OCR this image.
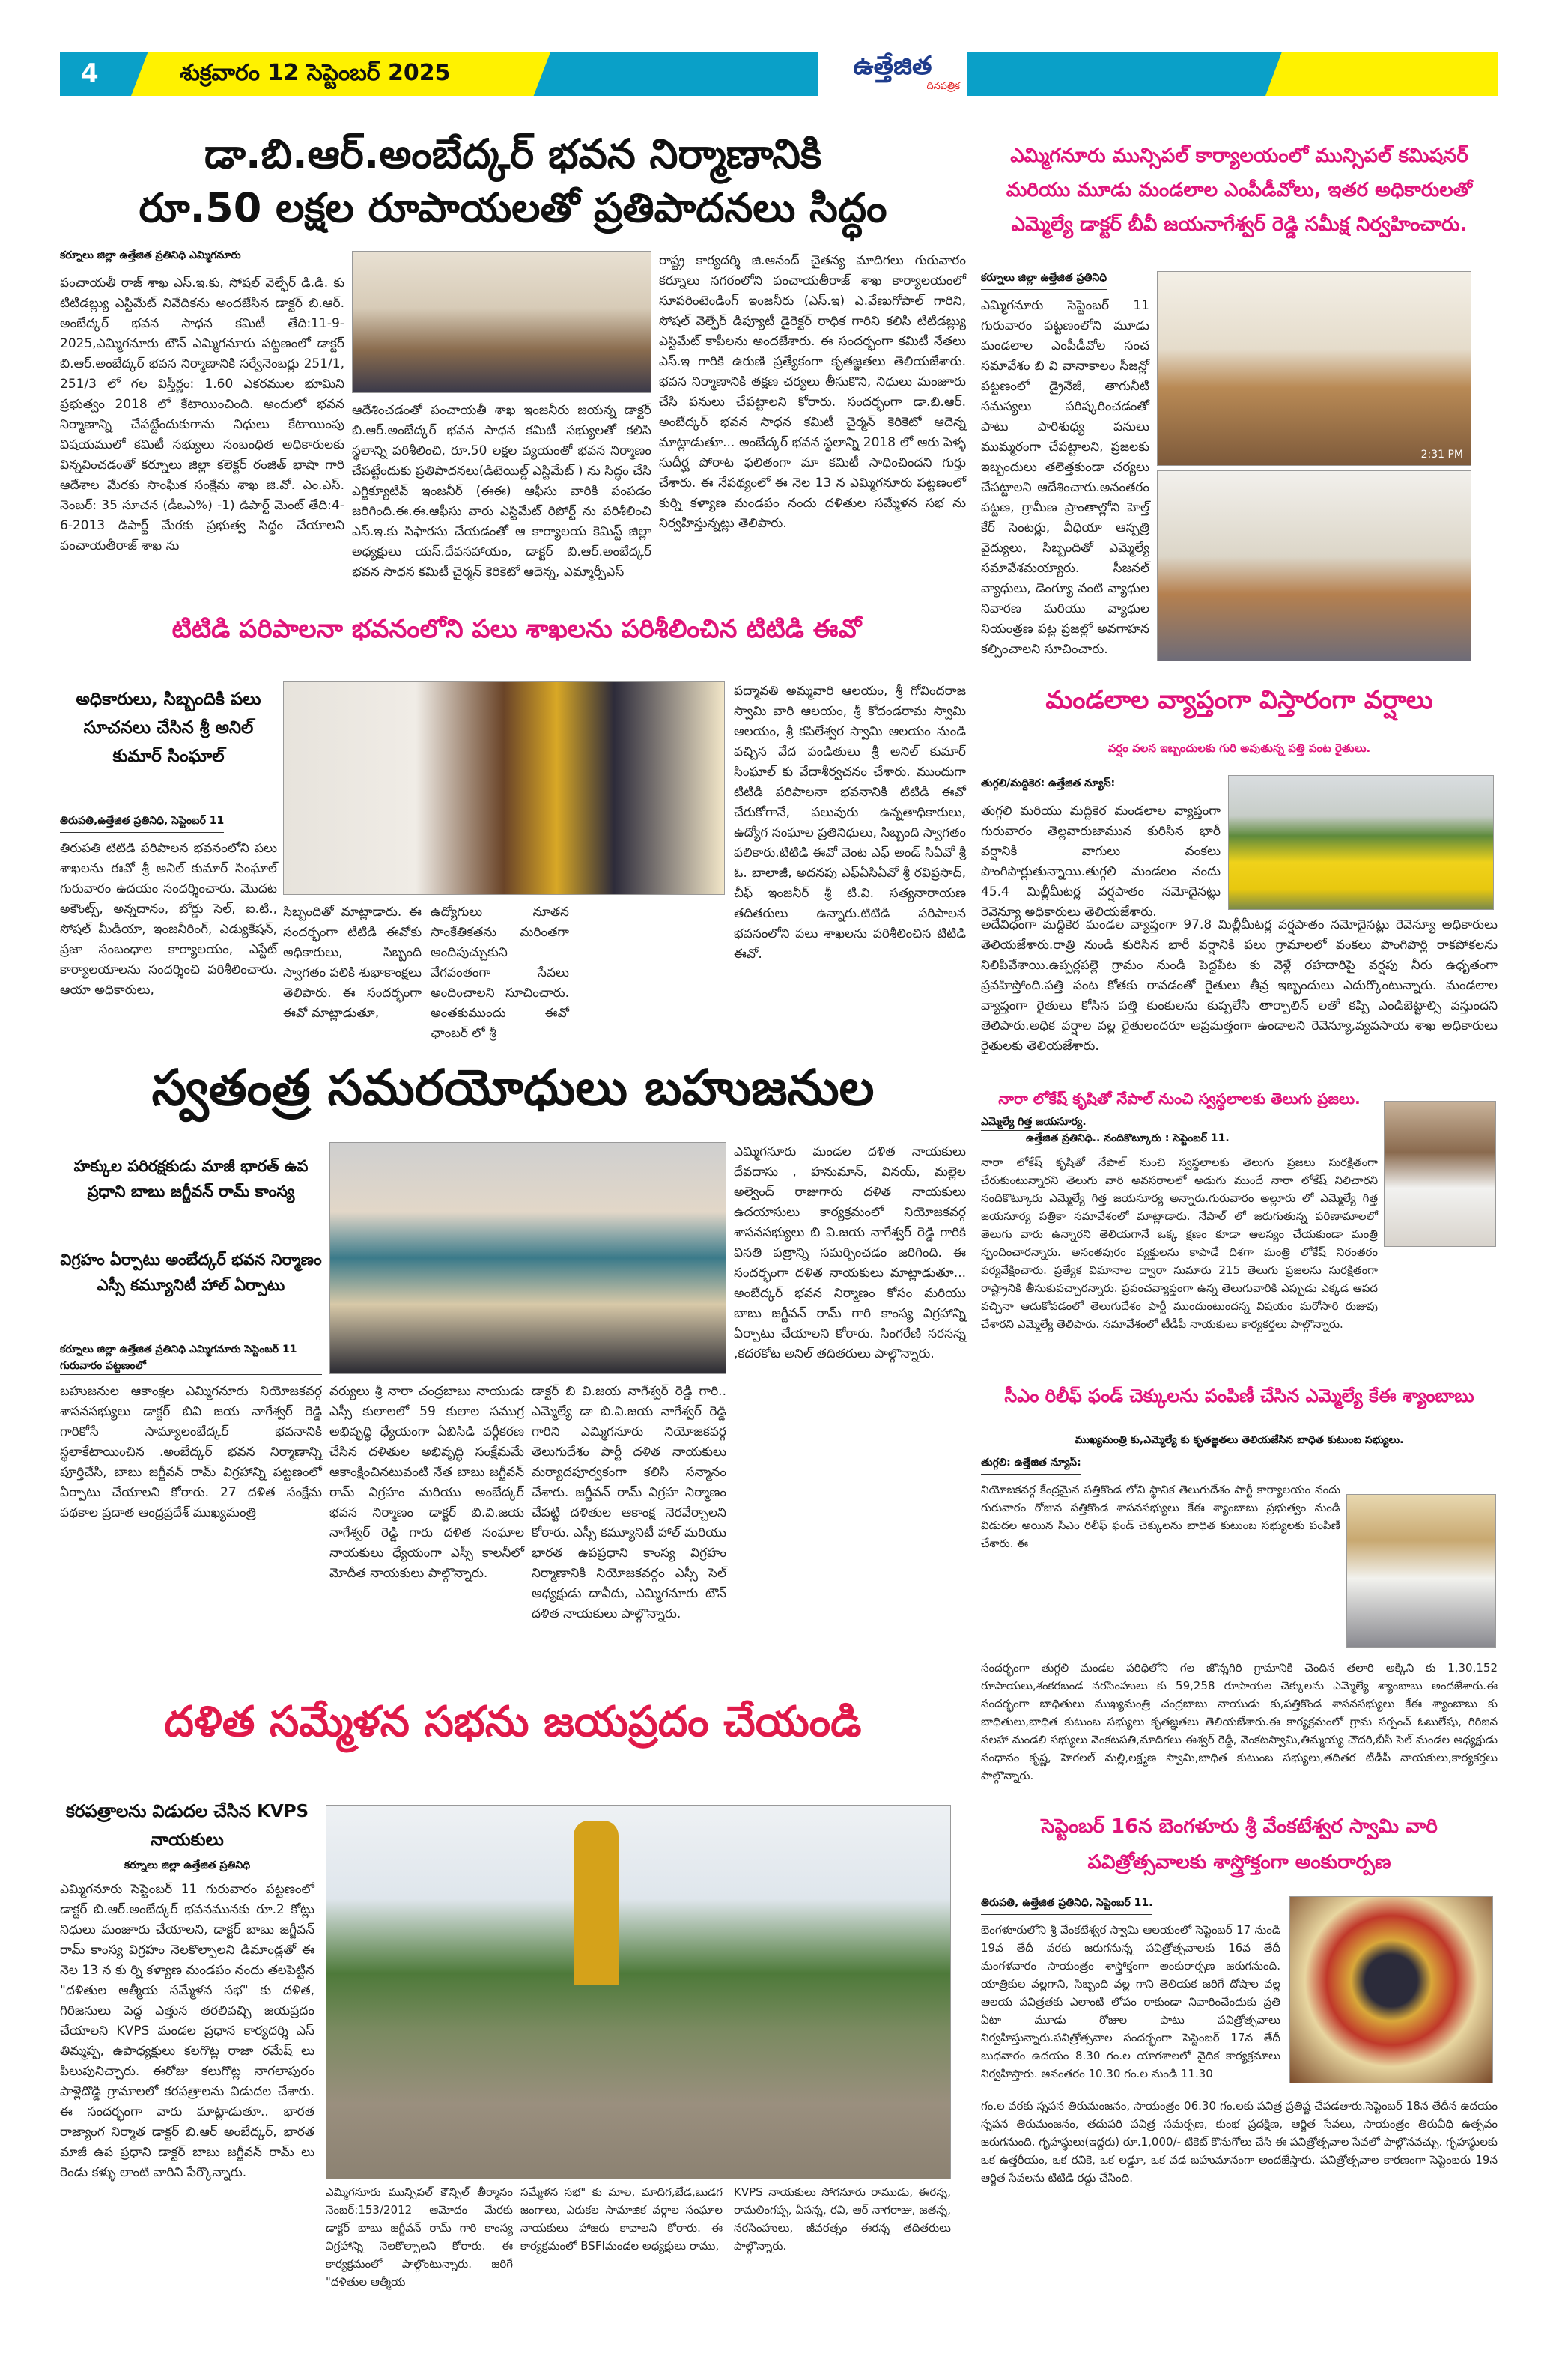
4	శుక్రవారం 12 సెప్టెంబర్ 2025	ఉత్తేజిత
దినపత్రిక
డా.బి.ఆర్.అంబేద్కర్ భవన నిర్మాణానికి
రూ.50 లక్షల రూపాయలతో ప్రతిపాదనలు సిద్ధం
కర్నూలు జిల్లా ఉత్తేజిత ప్రతినిధి ఎమ్మిగనూరు
పంచాయతీ రాజ్ శాఖ ఎస్.ఇ.కు, సోషల్ వెల్ఫేర్ డి.డి. కు టిటిడబ్ల్యు ఎస్టిమేట్ నివేదికను అందజేసిన డాక్టర్ బి.ఆర్. అంబేద్కర్ భవన సాధన కమిటీ తేది:11-9-2025,ఎమ్మిగనూరు టౌన్ ఎమ్మిగనూరు పట్టణంలో డాక్టర్ బి.ఆర్.అంబేద్కర్ భవన నిర్మాణానికి సర్వేనెంబర్లు 251/1, 251/3 లో గల విస్తీర్ణం: 1.60 ఎకరముల భూమిని ప్రభుత్వం 2018 లో కేటాయించింది. అందులో భవన నిర్మాణాన్ని చేపట్టేందుకుగాను నిధులు కేటాయింపు విషయములో కమిటీ సభ్యులు సంబంధిత అధికారులకు విన్నవించడంతో కర్నూలు జిల్లా కలెక్టర్ రంజిత్ భాషా గారి ఆదేశాల మేరకు సాంఘిక సంక్షేమ శాఖ జి.వో. ఎం.ఎస్. నెంబర్: 35 సూచన (డీఒఎ%) -1) డిపార్ట్ మెంట్ తేది:4-6-2013 డిపార్ట్ మేరకు ప్రభుత్వ సిద్ధం చేయాలని పంచాయతీరాజ్ శాఖ ను
ఆదేశించడంతో పంచాయతీ శాఖ ఇంజనీరు జయన్న డాక్టర్ బి.ఆర్.అంబేద్కర్ భవన సాధన కమిటీ సభ్యులతో కలిసి స్థలాన్ని పరిశీలించి, రూ.50 లక్షల వ్యయంతో భవన నిర్మాణం చేపట్టేందుకు ప్రతిపాదనలు(డిటెయిల్డ్ ఎస్టిమేట్ ) ను సిద్ధం చేసి ఎగ్జిక్యూటివ్ ఇంజనీర్ (ఈఈ) ఆఫీసు వారికి పంపడం జరిగింది.ఈ.ఈ.ఆఫీసు వారు ఎస్టిమేట్ రిపోర్ట్ ను పరిశీలించి ఎస్.ఇ.కు సిఫారసు చేయడంతో ఆ కార్యాలయ కెమిస్ట్ జిల్లా అధ్యక్షులు యస్.దేవసహాయం, డాక్టర్ బి.ఆర్.అంబేద్కర్ భవన సాధన కమిటీ చైర్మన్ కెరికెటో ఆదెన్న, ఎమ్మార్పీఎస్
రాష్ట్ర కార్యదర్శి జి.ఆనంద్ చైతన్య మాదిగలు గురువారం కర్నూలు నగరంలోని పంచాయతీరాజ్ శాఖ కార్యాలయంలో సూపరింటెండింగ్ ఇంజనీరు (ఎస్.ఇ) ఎ.వేణుగోపాల్ గారిని, సోషల్ వెల్ఫేర్ డిప్యూటీ డైరెక్టర్ రాధిక గారిని కలిసి టిటిడబ్ల్యు ఎస్టిమేట్ కాపీలను అందజేశారు. ఈ సందర్భంగా కమిటీ నేతలు ఎస్.ఇ గారికి ఉరుణి ప్రత్యేకంగా కృతజ్ఞతలు తెలియజేశారు. భవన నిర్మాణానికి తక్షణ చర్యలు తీసుకొని, నిధులు మంజూరు చేసి పనులు చేపట్టాలని కోరారు. సందర్భంగా డా.బి.ఆర్. అంబేద్కర్ భవన సాధన కమిటీ చైర్మన్ కెరికెటో ఆదెన్న మాట్లాడుతూ... అంబేద్కర్ భవన స్థలాన్ని 2018 లో ఆరు పెళ్ళ సుదీర్ఘ పోరాట ఫలితంగా మా కమిటీ సాధించిందని గుర్తు చేశారు. ఈ నేపథ్యంలో ఈ నెల 13 న ఎమ్మిగనూరు పట్టణంలో కుర్ని కళ్యాణ మండపం నందు దళితుల సమ్మేళన సభ ను నిర్వహిస్తున్నట్లు తెలిపారు.
ఎమ్మిగనూరు మున్సిపల్ కార్యాలయంలో మున్సిపల్ కమిషనర్ మరియు మూడు మండలాల ఎంపీడీవోలు, ఇతర అధికారులతో ఎమ్మెల్యే డాక్టర్ బీవీ జయనాగేశ్వర్ రెడ్డి సమీక్ష నిర్వహించారు.
కర్నూలు జిల్లా ఉత్తేజిత ప్రతినిధి
ఎమ్మిగనూరు సెప్టెంబర్ 11 గురువారం పట్టణంలోని మూడు మండలాల ఎంపీడీవోల సంచ సమావేశం బి వి వానాకాలం సీజన్లో పట్టణంలో డ్రైనేజీ, తాగునీటి సమస్యలు పరిష్కరించడంతో పాటు పారిశుధ్య పనులు ముమ్మరంగా చేపట్టాలని, ప్రజలకు ఇబ్బందులు తలెత్తకుండా చర్యలు చేపట్టాలని ఆదేశించారు.అనంతరం పట్టణ, గ్రామీణ ప్రాంతాల్లోని హెల్త్ కేర్ సెంటర్లు, వీధియా ఆస్పత్రి వైద్యులు, సిబ్బందితో ఎమ్మెల్యే సమావేశమయ్యారు. సీజనల్ వ్యాధులు, డెంగ్యూ వంటి వ్యాధుల నివారణ మరియు వ్యాధుల నియంత్రణ పట్ల ప్రజల్లో అవగాహన కల్పించాలని సూచించారు.
2:31 PM
టిటిడి పరిపాలనా భవనంలోని పలు శాఖలను పరిశీలించిన టిటిడి ఈవో
అధికారులు, సిబ్బందికి పలు సూచనలు చేసిన శ్రీ అనిల్ కుమార్ సింఘాల్
తిరుపతి,ఉత్తేజిత ప్రతినిధి, సెప్టెంబర్ 11
తిరుపతి టిటిడి పరిపాలన భవనంలోని పలు శాఖలను ఈవో శ్రీ అనిల్ కుమార్ సింఘాల్ గురువారం ఉదయం సందర్శించారు. మొదట అకౌంట్స్, అన్నదానం, బోర్డు సెల్, ఐ.టి., సోషల్ మీడియా, ఇంజనీరింగ్, ఎడ్యుకేషన్, ప్రజా సంబంధాల కార్యాలయం, ఎస్టేట్ కార్యాలయాలను సందర్శించి పరిశీలించారు. ఆయా అధికారులు,
సిబ్బందితో మాట్లాడారు. ఈ సందర్భంగా టిటిడి ఈవోకు అధికారులు, సిబ్బంది స్వాగతం పలికి శుభాకాంక్షలు తెలిపారు. ఈ సందర్భంగా ఈవో మాట్లాడుతూ,
ఉద్యోగులు నూతన సాంకేతికతను మరింతగా అందిపుచ్చుకుని వేగవంతంగా సేవలు అందించాలని సూచించారు. అంతకుముందు ఈవో ఛాంబర్ లో శ్రీ
పద్మావతి అమ్మవారి ఆలయం, శ్రీ గోవిందరాజ స్వామి వారి ఆలయం, శ్రీ కోదండరామ స్వామి ఆలయం, శ్రీ కపిలేశ్వర స్వామి ఆలయం నుండి వచ్చిన వేద పండితులు శ్రీ అనిల్ కుమార్ సింఘాల్ కు వేదాశీర్వచనం చేశారు. ముందుగా టిటిడి పరిపాలనా భవనానికి టిటిడి ఈవో చేరుకోగానే, పలువురు ఉన్నతాధికారులు, ఉద్యోగ సంఘాల ప్రతినిధులు, సిబ్బంది స్వాగతం పలికారు.టిటిడి ఈవో వెంట ఎఫ్ అండ్ సిఏవో శ్రీ ఓ. బాలాజీ, అదనపు ఎఫ్ఏసిఏవో శ్రీ రవిప్రసాద్, చీఫ్ ఇంజనీర్ శ్రీ టి.వి. సత్యనారాయణ తదితరులు ఉన్నారు.టిటిడి పరిపాలన భవనంలోని పలు శాఖలను పరిశీలించిన టిటిడి ఈవో.
మండలాల వ్యాప్తంగా విస్తారంగా వర్షాలు
వర్షం వలన ఇబ్బందులకు గురి అవుతున్న పత్తి పంట రైతులు.
తుగ్గలి/మద్దికెర: ఉత్తేజిత న్యూస్:
తుగ్గలి మరియు మద్దికెర మండలాల వ్యాప్తంగా గురువారం తెల్లవారుజామున కురిసిన భారీ వర్షానికి వాగులు వంకలు పొంగిపొర్లుతున్నాయి.తుగ్గలి మండలం నందు 45.4 మిల్లీమీటర్ల వర్షపాతం నమోదైనట్లు రెవెన్యూ అధికారులు తెలియజేశారు.
అదేవిధంగా మద్దికెర మండల వ్యాప్తంగా 97.8 మిల్లీమీటర్ల వర్షపాతం నమోదైనట్లు రెవెన్యూ అధికారులు తెలియజేశారు.రాత్రి నుండి కురిసిన భారీ వర్షానికి పలు గ్రామాలలో వంకలు పొంగిపొర్లి రాకపోకలను నిలిపివేశాయి.ఉప్పర్లపల్లె గ్రామం నుండి పెద్దపేట కు వెళ్లే రహదారిపై వర్షపు నీరు ఉధృతంగా ప్రవహిస్తోంది.పత్తి పంట కోతకు రావడంతో రైతులు తీవ్ర ఇబ్బందులు ఎదుర్కొంటున్నారు. మండలాల వ్యాప్తంగా రైతులు కోసిన పత్తి కుంకులను కుప్పలేసి తార్పాలిన్ లతో కప్పి ఎండిబెట్టాల్సి వస్తుందని తెలిపారు.అధిక వర్షాల వల్ల రైతులందరూ అప్రమత్తంగా ఉండాలని రెవెన్యూ,వ్యవసాయ శాఖ అధికారులు రైతులకు తెలియజేశారు.
స్వతంత్ర సమరయోధులు బహుజనుల
హక్కుల పరిరక్షకుడు మాజీ భారత్ ఉప ప్రధాని బాబు జగ్జీవన్ రామ్ కాంస్య
విగ్రహం ఏర్పాటు అంబేద్కర్ భవన నిర్మాణం ఎస్సీ కమ్యూనిటీ హాల్ ఏర్పాటు
కర్నూలు జిల్లా ఉత్తేజిత ప్రతినిధి ఎమ్మిగనూరు సెప్టెంబర్ 11 గురువారం పట్టణంలో
బహుజనుల ఆకాంక్షల ఎమ్మిగనూరు నియోజకవర్గ శాసనసభ్యులు డాక్టర్ బివి జయ నాగేశ్వర్ రెడ్డి గారికోసే సామ్యాలంబేద్కర్ భవనానికి స్థలాకేటాయించిన .అంబేద్కర్ భవన నిర్మాణాన్ని పూర్తిచేసి, బాబు జగ్జీవన్ రామ్ విగ్రహాన్ని పట్టణంలో ఏర్పాటు చేయాలని కోరారు. 27 దళిత సంక్షేమ పథకాల ప్రదాత ఆంధ్రప్రదేశ్ ముఖ్యమంత్రి
వర్యులు శ్రీ నారా చంద్రబాబు నాయుడు ఎస్సీ కులాలలో 59 కులాల సముగ్ర అభివృద్ధి ధ్యేయంగా ఏబిసిడి వర్గీకరణ చేసిన దళితుల అభివృద్ధి సంక్షేమమే ఆకాంక్షించినటువంటి నేత బాబు జగ్జీవన్ రామ్ విగ్రహం మరియు అంబేద్కర్ భవన నిర్మాణం డాక్టర్ బి.వి.జయ నాగేశ్వర్ రెడ్డి గారు దళిత సంఘాల నాయకులు ధ్యేయంగా ఎస్సీ కాలనీలో మోదీత నాయకులు పాల్గొన్నారు.
డాక్టర్ బి వి.జయ నాగేశ్వర్ రెడ్డి గారి.. ఎమ్మెల్యే డా బి.వి.జయ నాగేశ్వర్ రెడ్డి గారిని ఎమ్మిగనూరు నియోజకవర్గ తెలుగుదేశం పార్టీ దళిత నాయకులు మర్యాదపూర్వకంగా కలిసి సన్మానం చేశారు. జగ్జీవన్ రామ్ విగ్రహ నిర్మాణం చేపట్టి దళితుల ఆకాంక్ష నెరవేర్చాలని కోరారు. ఎస్సీ కమ్యూనిటీ హాల్ మరియు భారత ఉపప్రధాని కాంస్య విగ్రహం నిర్మాణానికి నియోజకవర్గం ఎస్సీ సెల్ అధ్యక్షుడు దావీదు, ఎమ్మిగనూరు టౌన్ దళిత నాయకులు పాల్గొన్నారు.
ఎమ్మిగనూరు మండల దళిత నాయకులు దేవదాసు , హనుమాన్, వినయ్, మల్లెల అల్వెంద్ రాజుగారు దళిత నాయకులు ఉదయాసులు కార్యక్రమంలో నియోజకవర్గ శాసనసభ్యులు బి వి.జయ నాగేశ్వర్ రెడ్డి గారికి వినతి పత్రాన్ని సమర్పించడం జరిగింది. ఈ సందర్భంగా దళిత నాయకులు మాట్లాడుతూ... అంబేద్కర్ భవన నిర్మాణం కోసం మరియు బాబు జగ్జీవన్ రామ్ గారి కాంస్య విగ్రహాన్ని ఏర్పాటు చేయాలని కోరారు. సింగరేణి నరసన్న ,కదరకోట అనిల్ తదితరులు పాల్గొన్నారు.
నారా లోకేష్ కృషితో నేపాల్ నుంచి స్వస్థలాలకు తెలుగు ప్రజలు.
ఎమ్మెల్యే గిత్త జయసూర్య.
ఉత్తేజిత ప్రతినిధి.. నందికొట్కూరు : సెప్టెంబర్ 11.
నారా లోకేష్ కృషితో నేపాల్ నుంచి స్వస్థలాలకు తెలుగు ప్రజలు సురక్షితంగా చేరుకుంటున్నారని తెలుగు వారి అవసరాలలో అడుగు ముందే నారా లోకేష్ నిలిచారని నందికొట్కూరు ఎమ్మెల్యే గిత్త జయసూర్య అన్నారు.గురువారం అల్లూరు లో ఎమ్మెల్యే గిత్త జయసూర్య పత్రికా సమావేశంలో మాట్లాడారు. నేపాల్ లో జరుగుతున్న పరిణామాలలో తెలుగు వారు ఉన్నారని తెలియగానే ఒక్క క్షణం కూడా ఆలస్యం చేయకుండా మంత్రి స్పందించారన్నారు. అనంతపురం వ్యక్తులను కాపాడే దిశగా మంత్రి లోకేష్ నిరంతరం పర్యవేక్షించారు. ప్రత్యేక విమానాల ద్వారా సుమారు 215 తెలుగు ప్రజలను సురక్షితంగా రాష్ట్రానికి తీసుకువచ్చారన్నారు. ప్రపంచవ్యాప్తంగా ఉన్న తెలుగువారికి ఎప్పుడు ఎక్కడ ఆపద వచ్చినా ఆదుకోవడంలో తెలుగుదేశం పార్టీ ముందుంటుందన్న విషయం మరోసారి రుజువు చేశారని ఎమ్మెల్యే తెలిపారు. సమావేశంలో టీడీపీ నాయకులు కార్యకర్తలు పాల్గొన్నారు.
సీఎం రిలీఫ్ ఫండ్ చెక్కులను పంపిణీ చేసిన ఎమ్మెల్యే కేఈ శ్యాంబాబు
ముఖ్యమంత్రి కు,ఎమ్మెల్యే కు కృతజ్ఞతలు తెలియజేసిన బాధిత కుటుంబ సభ్యులు.
తుగ్గలి: ఉత్తేజిత న్యూస్:
నియోజకవర్గ కేంద్రమైన పత్తికొండ లోని స్థానిక తెలుగుదేశం పార్టీ కార్యాలయం నందు గురువారం రోజున పత్తికొండ శాసనసభ్యులు కేఈ శ్యాంబాబు ప్రభుత్వం నుండి విడుదల అయిన సీఎం రిలీఫ్ ఫండ్ చెక్కులను బాధిత కుటుంబ సభ్యులకు పంపిణీ చేశారు. ఈ
సందర్భంగా తుగ్గలి మండల పరిధిలోని గల జొన్నగిరి గ్రామానికి చెందిన తలారి అక్కిని కు 1,30,152 రూపాయలు,శంకరబండ నరసింహులు కు 59,258 రూపాయల చెక్కులను ఎమ్మెల్యే శ్యాంబాబు అందజేశారు.ఈ సందర్భంగా బాధితులు ముఖ్యమంత్రి చంద్రబాబు నాయుడు కు,పత్తికొండ శాసనసభ్యులు కేఈ శ్యాంబాబు కు బాధితులు,బాధిత కుటుంబ సభ్యులు కృతజ్ఞతలు తెలియజేశారు.ఈ కార్యక్రమంలో గ్రామ సర్పంచ్ ఓబులేషు, గిరిజన సలహా మండలి సభ్యులు వెంకటపతి,మాదిగలు ఈశ్వర్ రెడ్డి, వెంకటస్వామి,తిమ్మయ్య చౌదరి,బీసీ సెల్ మండల అధ్యక్షుడు సంధానం కృష్ణ, హెగలల్ మల్లి,లక్ష్మణ స్వామి,బాధిత కుటుంబ సభ్యులు,తదితర టీడీపీ నాయకులు,కార్యకర్తలు పాల్గొన్నారు.
దళిత సమ్మేళన సభను జయప్రదం చేయండి
కరపత్రాలను విడుదల చేసిన KVPS నాయకులు
కర్నూలు జిల్లా ఉత్తేజిత ప్రతినిధి
ఎమ్మిగనూరు సెప్టెంబర్ 11 గురువారం పట్టణంలో డాక్టర్ బి.ఆర్.అంబేద్కర్ భవనమునకు రూ.2 కోట్లు నిధులు మంజూరు చేయాలని, డాక్టర్ బాబు జగ్జీవన్ రామ్ కాంస్య విగ్రహం నెలకొల్పాలని డిమాండ్లతో ఈ నెల 13 న కు ర్ని కళ్యాణ మండపం నందు తలపెట్టిన "దళితుల ఆత్మీయ సమ్మేళన సభ" కు దళిత, గిరిజనులు పెద్ద ఎత్తున తరలివచ్చి జయప్రదం చేయాలని KVPS మండల ప్రధాన కార్యదర్శి ఎస్ తిమ్మప్ప, ఉపాధ్యక్షులు కలగొట్ల రాజా రమేష్ లు పిలుపునిచ్చారు. ఈరోజు కలుగొట్ల నాగలాపురం పాళ్లెదొడ్డి గ్రామాలలో కరపత్రాలను విడుదల చేశారు. ఈ సందర్భంగా వారు మాట్లాడుతూ.. భారత రాజ్యాంగ నిర్మాత డాక్టర్ బి.ఆర్ అంబేద్కర్, భారత మాజీ ఉప ప్రధాని డాక్టర్ బాబు జగ్జీవన్ రామ్ లు రెండు కళ్ళు లాంటి వారిని పేర్కొన్నారు.
ఎమ్మిగనూరు మున్సిపల్ కౌన్సిల్ తీర్మానం నెంబర్:153/2012 ఆమోదం మేరకు డాక్టర్ బాబు జగ్జీవన్ రామ్ గారి కాంస్య విగ్రహాన్ని నెలకొల్పాలని కోరారు. ఈ కార్యక్రమంలో పాల్గొంటున్నారు. జరిగే "దళితుల ఆత్మీయ
సమ్మేళన సభ" కు మాల, మాదిగ,బేడ,బుడగ జంగాలు, ఎరుకల సామాజిక వర్గాల సంఘాల నాయకులు హాజరు కావాలని కోరారు. ఈ కార్యక్రమంలో BSFIమండల అధ్యక్షులు రాము,
KVPS నాయకులు సోగనూరు రాముడు, ఈరన్న, రామలింగప్ప, ఏసన్న, రవి, ఆర్ నాగరాజు, జతన్న, నరసింహులు, జీవరత్నం ఈరన్న తదితరులు పాల్గొన్నారు.
సెప్టెంబర్ 16న బెంగళూరు శ్రీ వేంకటేశ్వర స్వామి వారి పవిత్రోత్సవాలకు శాస్త్రోక్తంగా అంకురార్పణ
తిరుపతి, ఉత్తేజిత ప్రతినిధి, సెప్టెంబర్ 11.
బెంగళూరులోని శ్రీ వేంకటేశ్వర స్వామి ఆలయంలో సెప్టెంబర్ 17 నుండి 19వ తేదీ వరకు జరుగనున్న పవిత్రోత్సవాలకు 16వ తేదీ మంగళవారం సాయంత్రం శాస్త్రోక్తంగా అంకురార్పణ జరుగనుంది. యాత్రికుల వల్లగాని, సిబ్బంది వల్ల గాని తెలియక జరిగే దోషాల వల్ల ఆలయ పవిత్రతకు ఎలాంటి లోపం రాకుండా నివారించేందుకు ప్రతి ఏటా మూడు రోజుల పాటు పవిత్రోత్సవాలు నిర్వహిస్తున్నారు.పవిత్రోత్సవాల సందర్భంగా సెప్టెంబర్ 17న తేదీ బుధవారం ఉదయం 8.30 గం.ల యాగశాలలో వైదిక కార్యక్రమాలు నిర్వహిస్తారు. అనంతరం 10.30 గం.ల నుండి 11.30
గం.ల వరకు స్నపన తిరుమంజనం, సాయంత్రం 06.30 గం.లకు పవిత్ర ప్రతిష్ట చేపడతారు.సెప్టెంబర్ 18న తేదీన ఉదయం స్నపన తిరుమంజనం, తదుపరి పవిత్ర సమర్పణ, కుంభ ప్రదక్షిణ, ఆర్జిత సేవలు, సాయంత్రం తిరువీధి ఉత్సవం జరుగనుంది. గృహస్థులు(ఇద్దరు) రూ.1,000/- టికెట్ కొనుగోలు చేసి ఈ పవిత్రోత్సవాల సేవలో పాల్గొనవచ్చు. గృహస్థులకు ఒక ఉత్తరీయం, ఒక రవికె, ఒక లడ్డూ, ఒక వడ బహుమానంగా అందజేస్తారు. పవిత్రోత్సవాల కారణంగా సెప్టెంబరు 19న ఆర్జిత సేవలను టిటిడి రద్దు చేసింది.
